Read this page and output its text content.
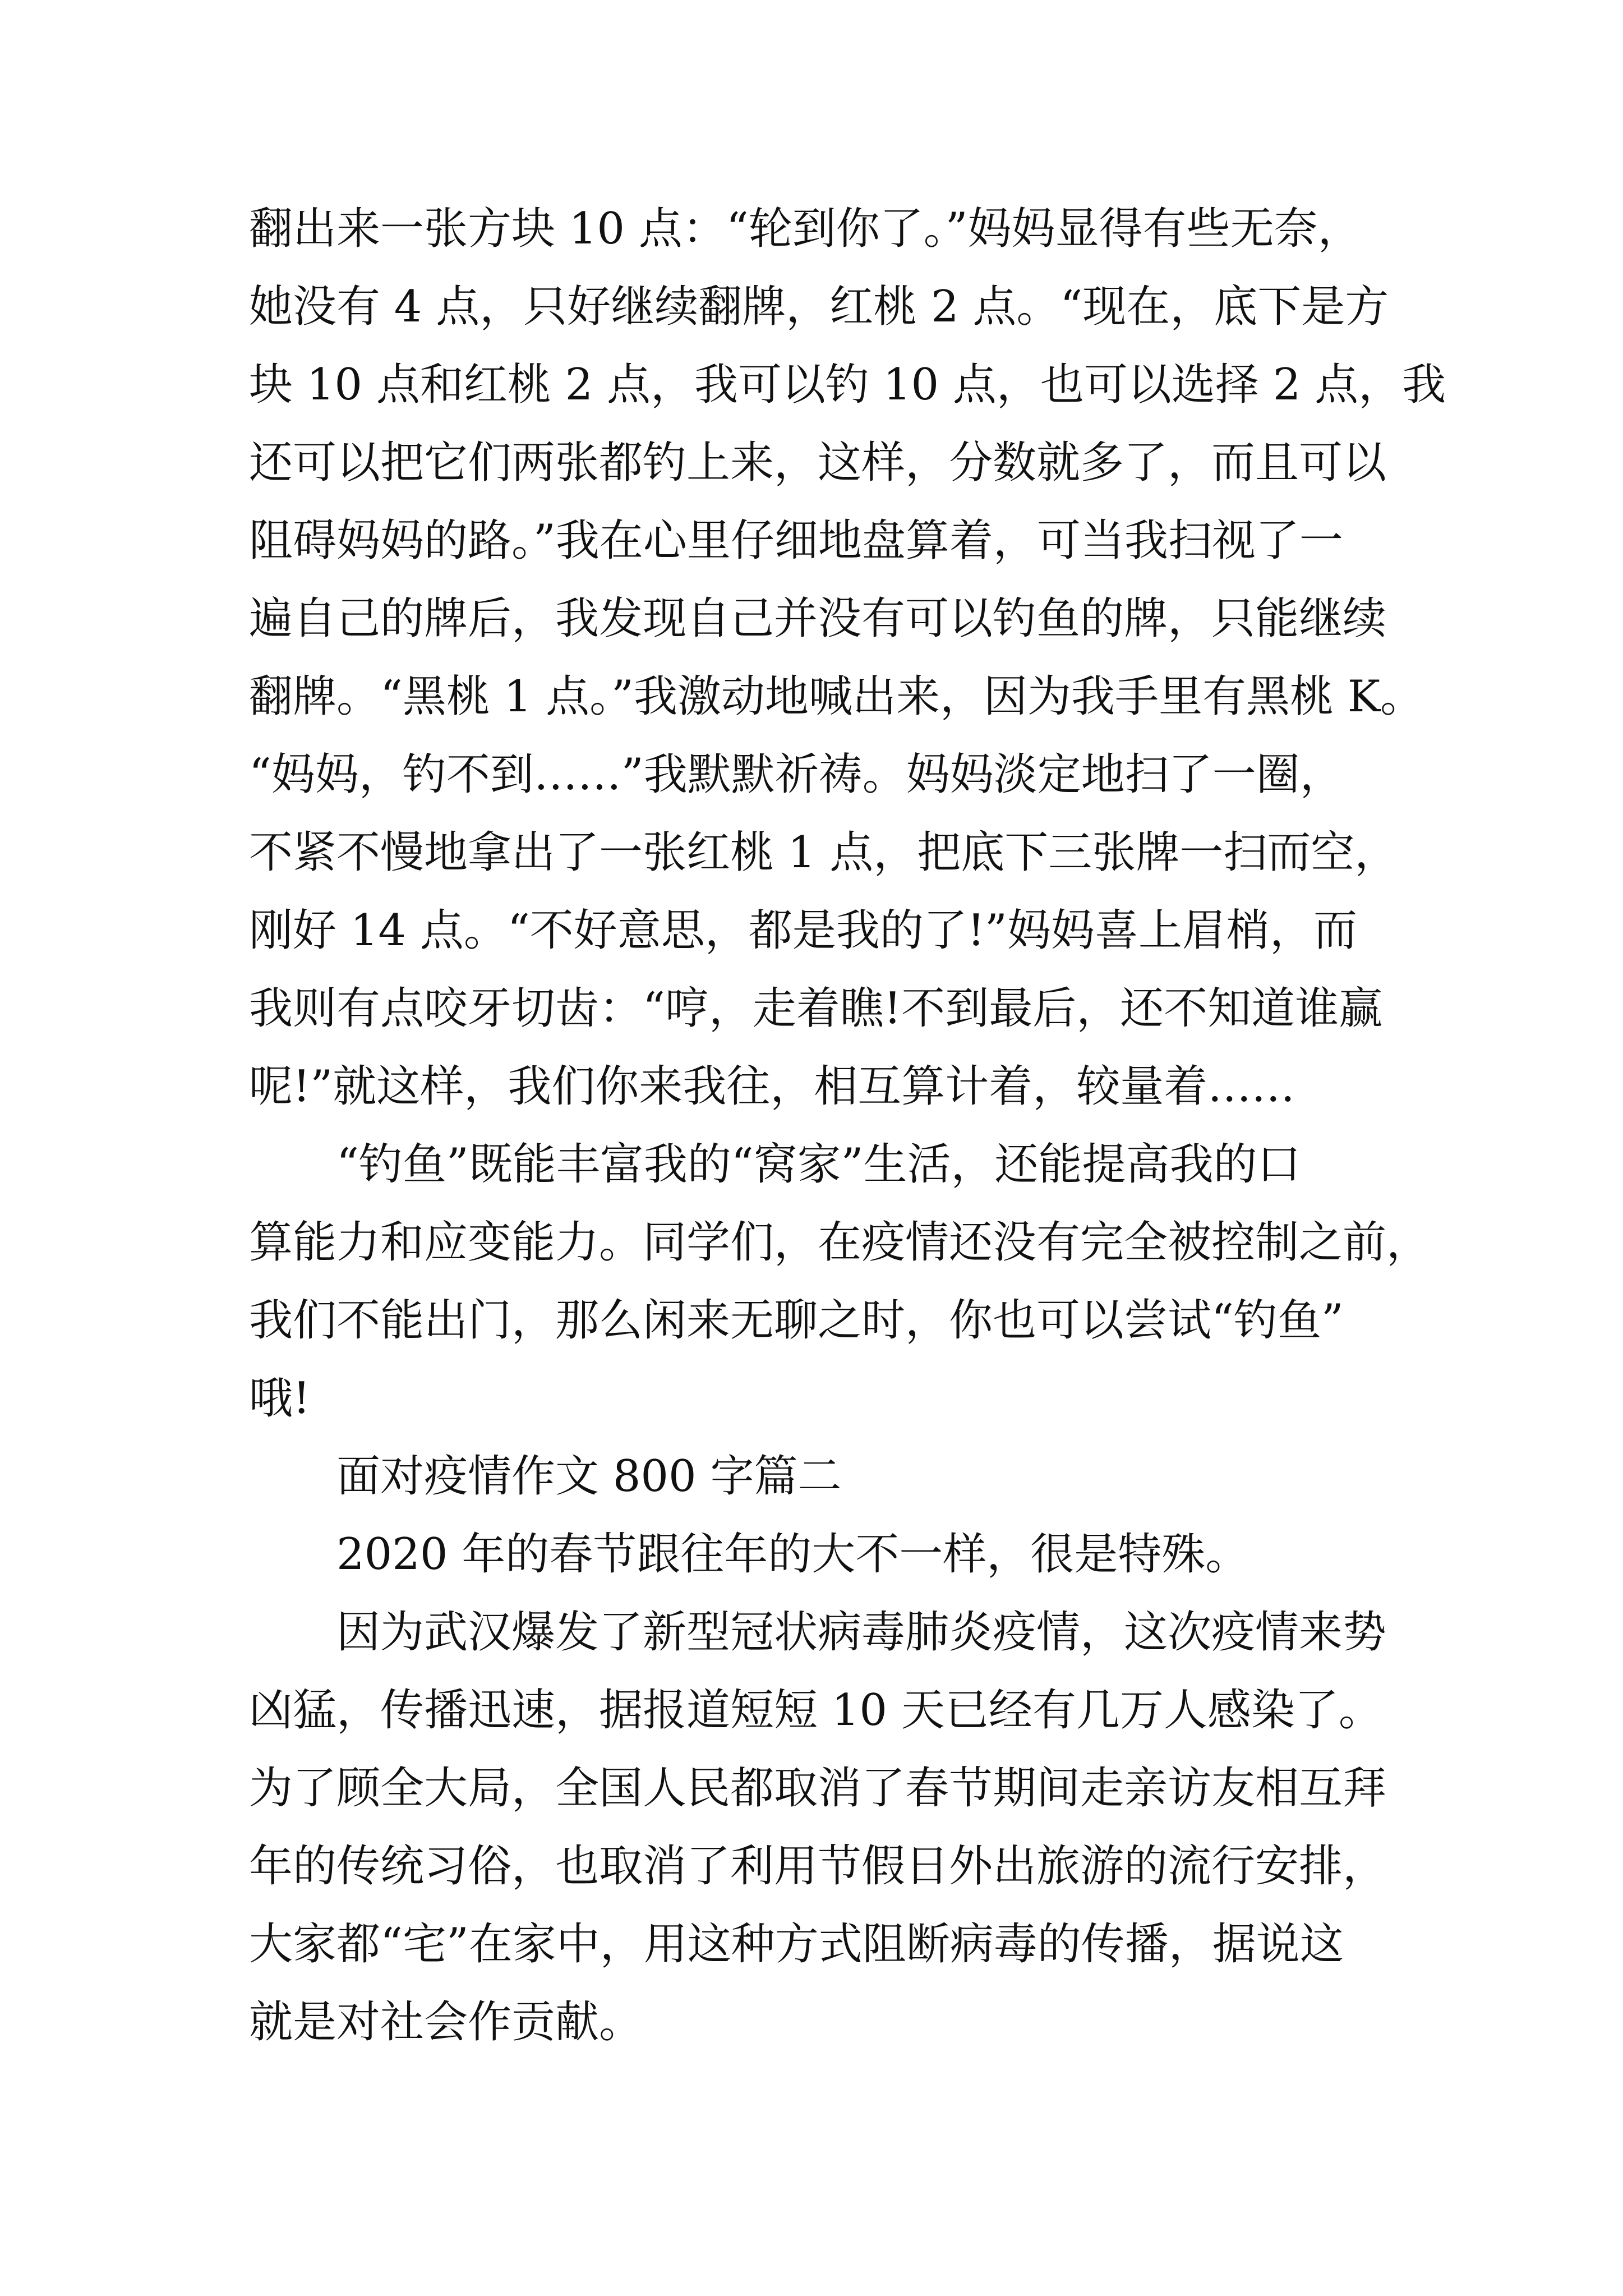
翻出来一张方块 10 点：“轮到你了。”妈妈显得有些无奈，

她没有 4 点，只好继续翻牌，红桃 2 点。“现在，底下是方

块 10 点和红桃 2 点，我可以钓 10 点，也可以选择 2 点，我

还可以把它们两张都钓上来，这样，分数就多了，而且可以

阻碍妈妈的路。”我在心里仔细地盘算着，可当我扫视了一

遍自己的牌后，我发现自己并没有可以钓鱼的牌，只能继续

翻牌。“黑桃 1 点。”我激动地喊出来，因为我手里有黑桃 K。

“妈妈，钓不到……”我默默祈祷。妈妈淡定地扫了一圈，

不紧不慢地拿出了一张红桃 1 点，把底下三张牌一扫而空，

刚好 14 点。“不好意思，都是我的了!”妈妈喜上眉梢，而

我则有点咬牙切齿：“哼，走着瞧!不到最后，还不知道谁赢

呢!”就这样，我们你来我往，相互算计着，较量着……

“钓鱼”既能丰富我的“窝家”生活，还能提高我的口

算能力和应变能力。同学们，在疫情还没有完全被控制之前，

我们不能出门，那么闲来无聊之时，你也可以尝试“钓鱼”

哦!

面对疫情作文 800 字篇二

2020 年的春节跟往年的大不一样，很是特殊。

因为武汉爆发了新型冠状病毒肺炎疫情，这次疫情来势

凶猛，传播迅速，据报道短短 10 天已经有几万人感染了。

为了顾全大局，全国人民都取消了春节期间走亲访友相互拜

年的传统习俗，也取消了利用节假日外出旅游的流行安排，

大家都“宅”在家中，用这种方式阻断病毒的传播，据说这

就是对社会作贡献。
